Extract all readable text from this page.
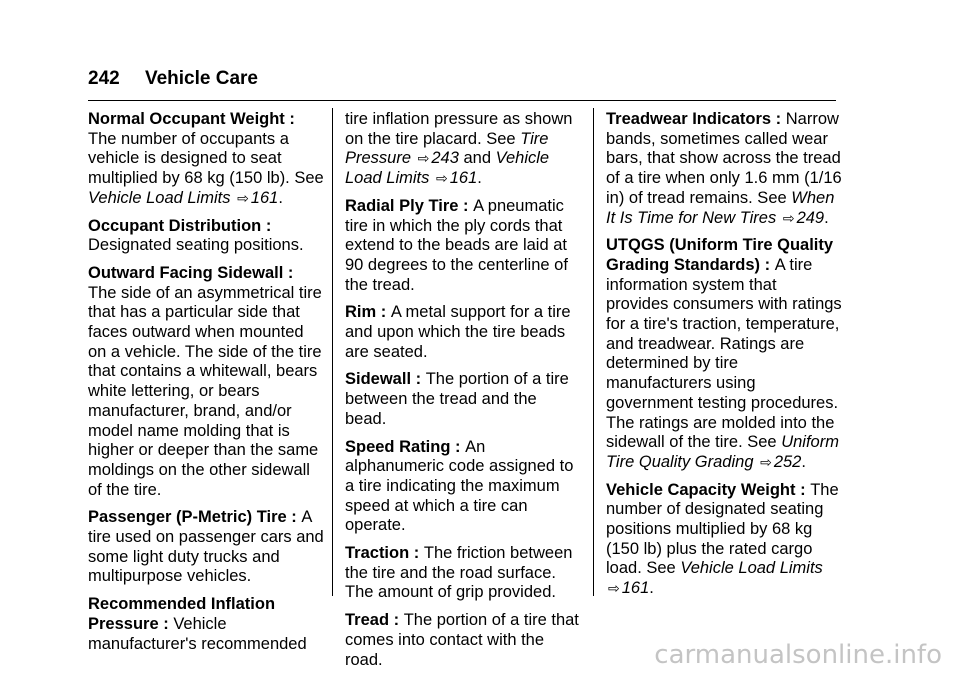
242 Vehicle Care

Normal Occupant Weight : The number of occupants a vehicle is designed to seat multiplied by 68 kg (150 lb). See Vehicle Load Limits ⇨ 161.

Occupant Distribution : Designated seating positions.

Outward Facing Sidewall : The side of an asymmetrical tire that has a particular side that faces outward when mounted on a vehicle. The side of the tire that contains a whitewall, bears white lettering, or bears manufacturer, brand, and/or model name molding that is higher or deeper than the same moldings on the other sidewall of the tire.

Passenger (P-Metric) Tire : A tire used on passenger cars and some light duty trucks and multipurpose vehicles.

Recommended Inflation Pressure : Vehicle manufacturer's recommended

tire inflation pressure as shown on the tire placard. See Tire Pressure ⇨ 243 and Vehicle Load Limits ⇨ 161.

Radial Ply Tire : A pneumatic tire in which the ply cords that extend to the beads are laid at 90 degrees to the centerline of the tread.

Rim : A metal support for a tire and upon which the tire beads are seated.

Sidewall : The portion of a tire between the tread and the bead.

Speed Rating : An alphanumeric code assigned to a tire indicating the maximum speed at which a tire can operate.

Traction : The friction between the tire and the road surface. The amount of grip provided.

Tread : The portion of a tire that comes into contact with the road.

Treadwear Indicators : Narrow bands, sometimes called wear bars, that show across the tread of a tire when only 1.6 mm (1/16 in) of tread remains. See When It Is Time for New Tires ⇨ 249.

UTQGS (Uniform Tire Quality Grading Standards) : A tire information system that provides consumers with ratings for a tire's traction, temperature, and treadwear. Ratings are determined by tire manufacturers using government testing procedures. The ratings are molded into the sidewall of the tire. See Uniform Tire Quality Grading ⇨ 252.

Vehicle Capacity Weight : The number of designated seating positions multiplied by 68 kg (150 lb) plus the rated cargo load. See Vehicle Load Limits ⇨ 161.

carmanualsonline.info
